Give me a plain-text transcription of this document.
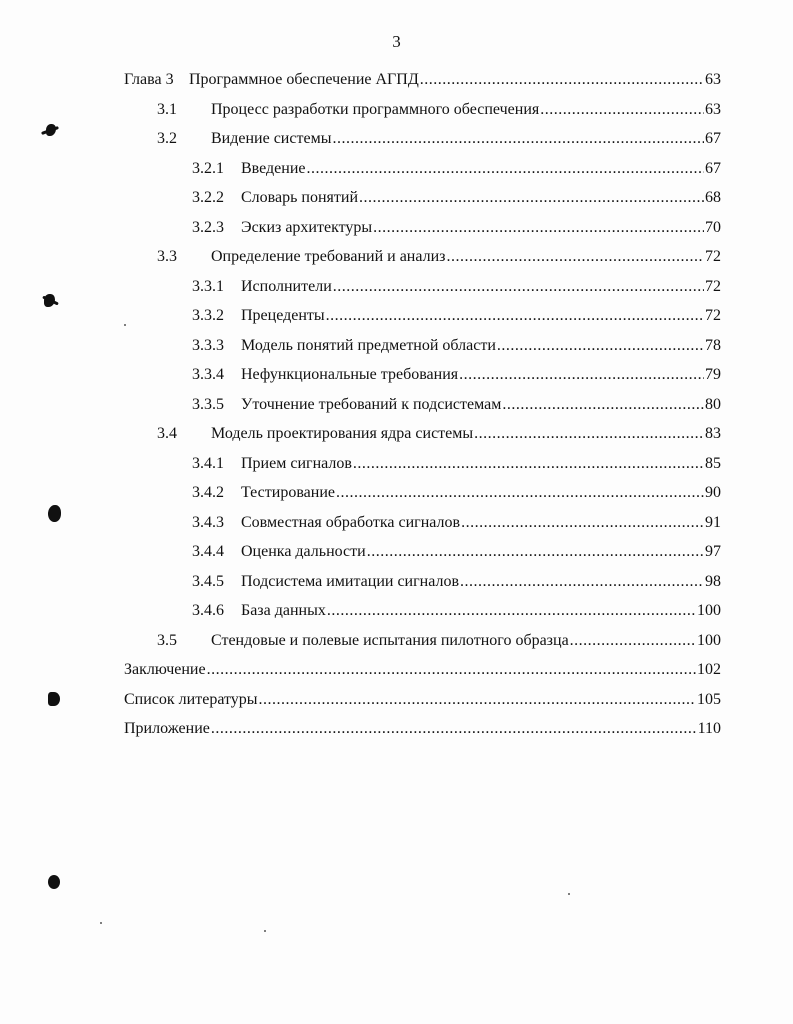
3
Глава 3 Программное обеспечение АГПД .....	63
3.1 Процесс разработки программного обеспечения .....	63
3.2 Видение системы .....	67
3.2.1 Введение .....	67
3.2.2 Словарь понятий .....	68
3.2.3 Эскиз архитектуры .....	70
3.3 Определение требований и анализ .....	72
3.3.1 Исполнители .....	72
3.3.2 Прецеденты .....	72
3.3.3 Модель понятий предметной области .....	78
3.3.4 Нефункциональные требования .....	79
3.3.5 Уточнение требований к подсистемам .....	80
3.4 Модель проектирования ядра системы .....	83
3.4.1 Прием сигналов .....	85
3.4.2 Тестирование .....	90
3.4.3 Совместная обработка сигналов .....	91
3.4.4 Оценка дальности .....	97
3.4.5 Подсистема имитации сигналов .....	98
3.4.6 База данных .....	100
3.5 Стендовые и полевые испытания пилотного образца .....	100
Заключение .....	102
Список литературы .....	105
Приложение .....	110
